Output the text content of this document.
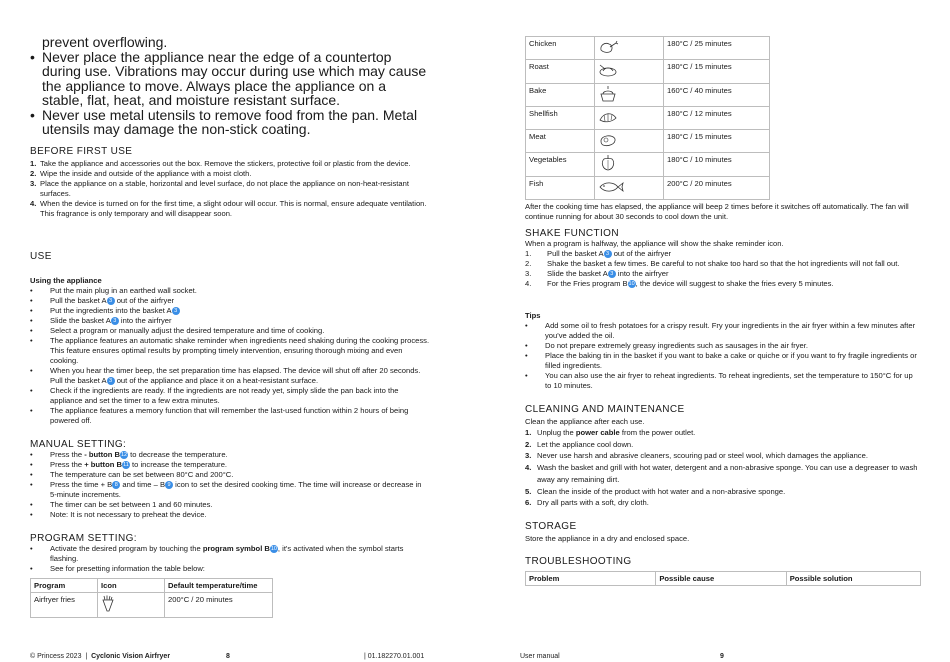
prevent overflowing.
• Never place the appliance near the edge of a countertop during use. Vibrations may occur during use which may cause the appliance to move. Always place the appliance on a stable, flat, heat, and moisture resistant surface.
• Never use metal utensils to remove food from the pan. Metal utensils may damage the non-stick coating.
BEFORE FIRST USE
1. Take the appliance and accessories out the box. Remove the stickers, protective foil or plastic from the device.
2. Wipe the inside and outside of the appliance with a moist cloth.
3. Place the appliance on a stable, horizontal and level surface, do not place the appliance on non-heat-resistant surfaces.
4. When the device is turned on for the first time, a slight odour will occur. This is normal, ensure adequate ventilation. This fragrance is only temporary and will disappear soon.
USE
Using the appliance
•	Put the main plug in an earthed wall socket.
•	Pull the basket A 3 out of the airfryer
•	Put the ingredients into the basket A 3
•	Slide the basket A 3 into the airfryer
•	Select a program or manually adjust the desired temperature and time of cooking.
•	The appliance features an automatic shake reminder when ingredients need shaking during the cooking process. This feature ensures optimal results by prompting timely intervention, ensuring thorough mixing and even cooking.
•	When you hear the timer beep, the set preparation time has elapsed. The device will shut off after 20 seconds. Pull the basket A 3 out of the appliance and place it on a heat-resistant surface.
•	Check if the ingredients are ready. If the ingredients are not ready yet, simply slide the pan back into the appliance and set the timer to a few extra minutes.
•	The appliance features a memory function that will remember the last-used function within 2 hours of being powered off.
MANUAL SETTING:
•	Press the - button B12 to decrease the temperature.
•	Press the + button B11 to increase the temperature.
•	The temperature can be set between 80°C and 200°C.
•	Press the time + B 8 and time – B 9 icon to set the desired cooking time. The time will increase or decrease in 5-minute increments.
•	The timer can be set between 1 and 60 minutes.
•	Note: It is not necessary to preheat the device.
PROGRAM SETTING:
•	Activate the desired program by touching the program symbol B10, it's activated when the symbol starts flashing.
•	See for presetting information the table below:
Program	Icon	Default temperature/time
Airfryer fries		200°C / 20 minutes
Chicken		180°C / 25 minutes
Roast		180°C / 15 minutes
Bake		160°C / 40 minutes
Shellfish		180°C / 12 minutes
Meat		180°C / 15 minutes
Vegetables		180°C / 10 minutes
Fish		200°C / 20 minutes
After the cooking time has elapsed, the appliance will beep 2 times before it switches off automatically. The fan will continue running for about 30 seconds to cool down the unit.
SHAKE FUNCTION
When a program is halfway, the appliance will show the shake reminder icon.
1.	Pull the basket A 3 out of the airfryer
2.	Shake the basket a few times. Be careful to not shake too hard so that the hot ingredients will not fall out.
3.	Slide the basket A 3 into the airfryer
4.	For the Fries program B10, the device will suggest to shake the fries every 5 minutes.
Tips
•	Add some oil to fresh potatoes for a crispy result. Fry your ingredients in the air fryer within a few minutes after you've added the oil.
•	Do not prepare extremely greasy ingredients such as sausages in the air fryer.
•	Place the baking tin in the basket if you want to bake a cake or quiche or if you want to fry fragile ingredients or filled ingredients.
•	You can also use the air fryer to reheat ingredients. To reheat ingredients, set the temperature to 150°C for up to 10 minutes.
CLEANING AND MAINTENANCE
Clean the appliance after each use.
1. Unplug the power cable from the power outlet.
2. Let the appliance cool down.
3. Never use harsh and abrasive cleaners, scouring pad or steel wool, which damages the appliance.
4. Wash the basket and grill with hot water, detergent and a non-abrasive sponge. You can use a degreaser to wash away any remaining dirt.
5. Clean the inside of the product with hot water and a non-abrasive sponge.
6. Dry all parts with a soft, dry cloth.
STORAGE
Store the appliance in a dry and enclosed space.
TROUBLESHOOTING
Problem	Possible cause	Possible solution
© Princess 2023 | Cyclonic Vision Airfryer	8	| 01.182270.01.001	User manual	9
